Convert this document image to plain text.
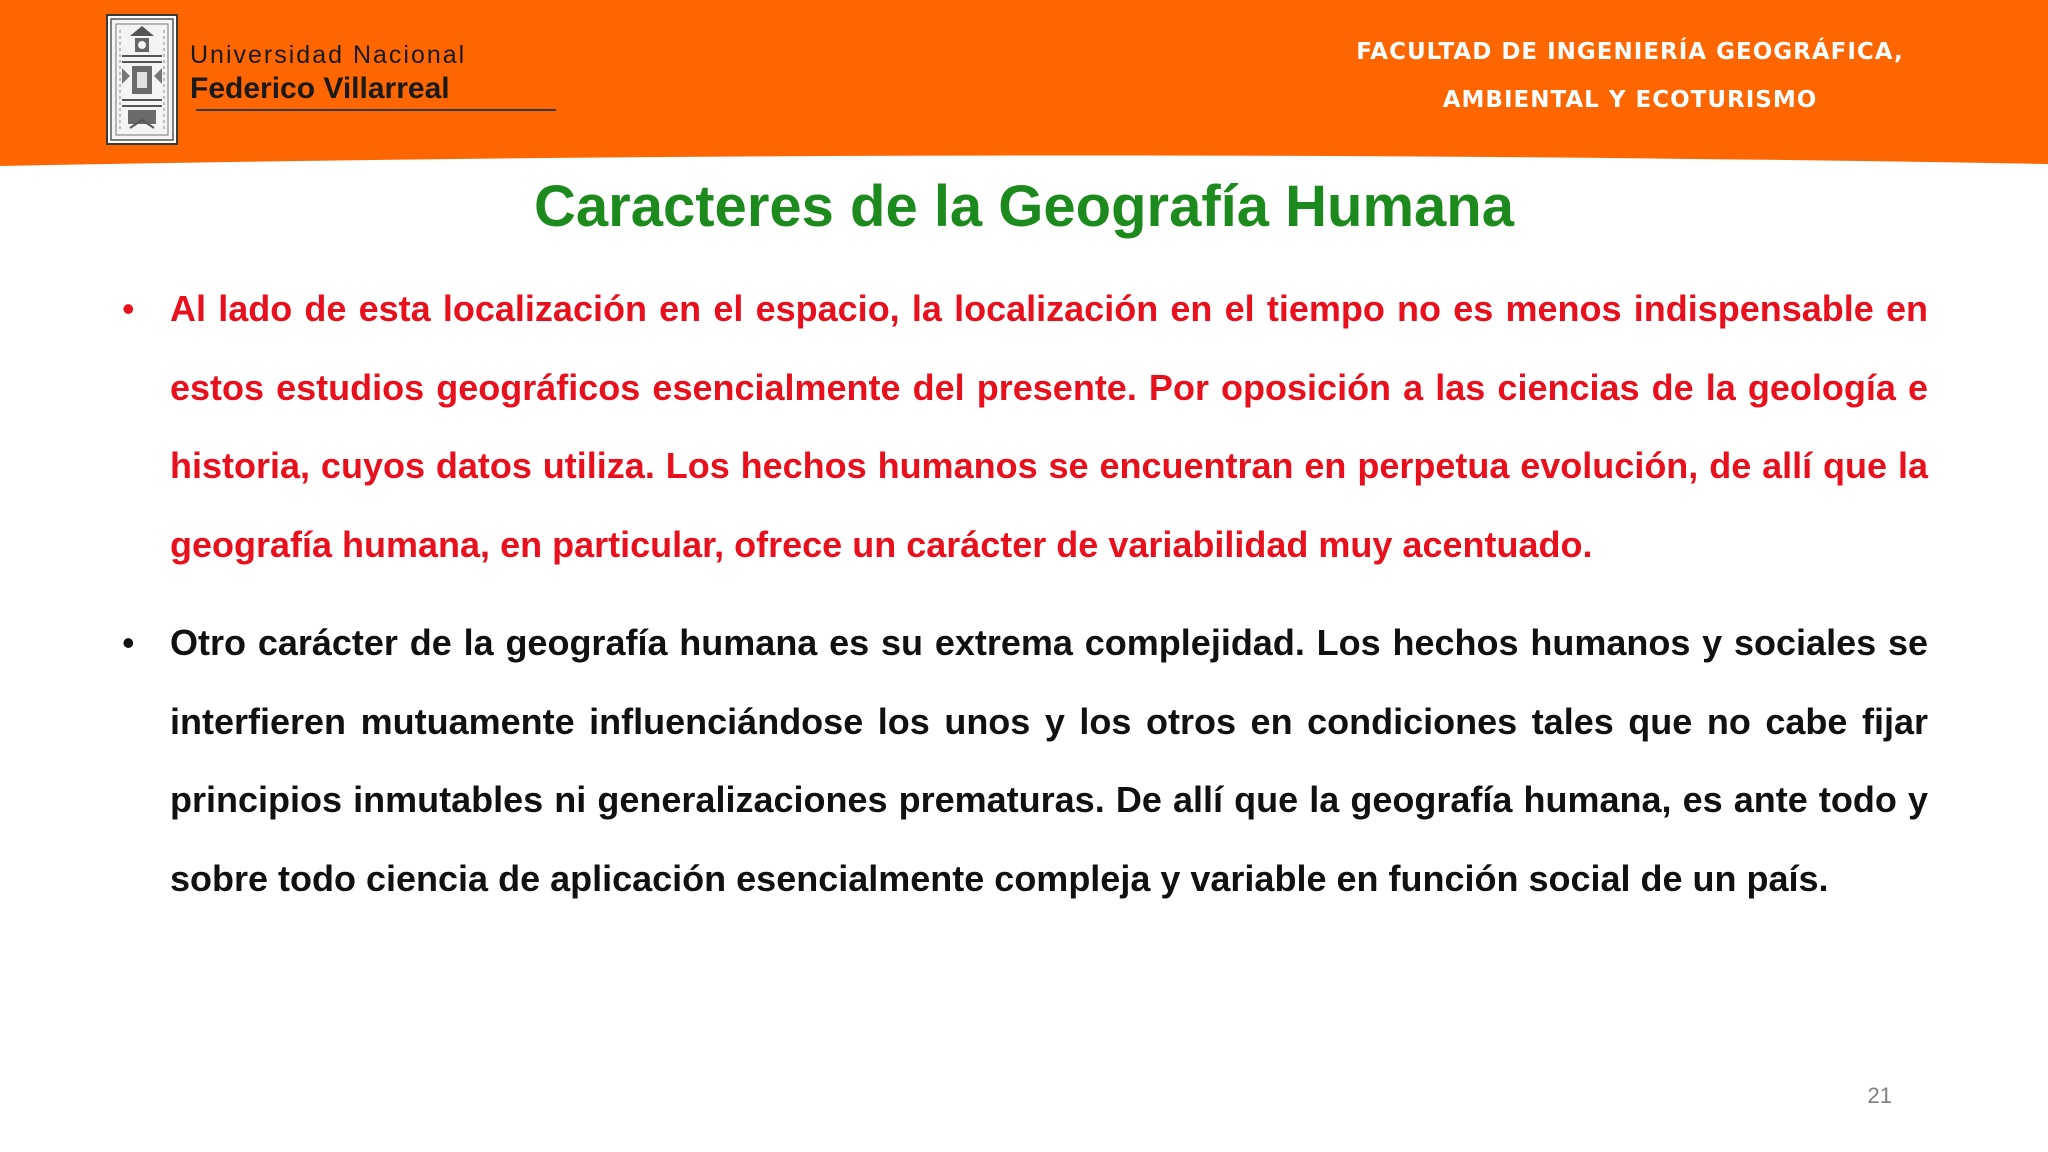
Universidad Nacional
Federico Villarreal
FACULTAD DE INGENIERÍA GEOGRÁFICA,
AMBIENTAL Y ECOTURISMO
Caracteres de la Geografía Humana
• Al lado de esta localización en el espacio, la localización en el tiempo no es menos indispensable en estos estudios geográficos esencialmente del presente. Por oposición a las ciencias de la geología e historia, cuyos datos utiliza. Los hechos humanos se encuentran en perpetua evolución, de allí que la geografía humana, en particular, ofrece un carácter de variabilidad muy acentuado.
• Otro carácter de la geografía humana es su extrema complejidad. Los hechos humanos y sociales se interfieren mutuamente influenciándose los unos y los otros en condiciones tales que no cabe fijar principios inmutables ni generalizaciones prematuras. De allí que la geografía humana, es ante todo y sobre todo ciencia de aplicación esencialmente compleja y variable en función social de un país.
21
